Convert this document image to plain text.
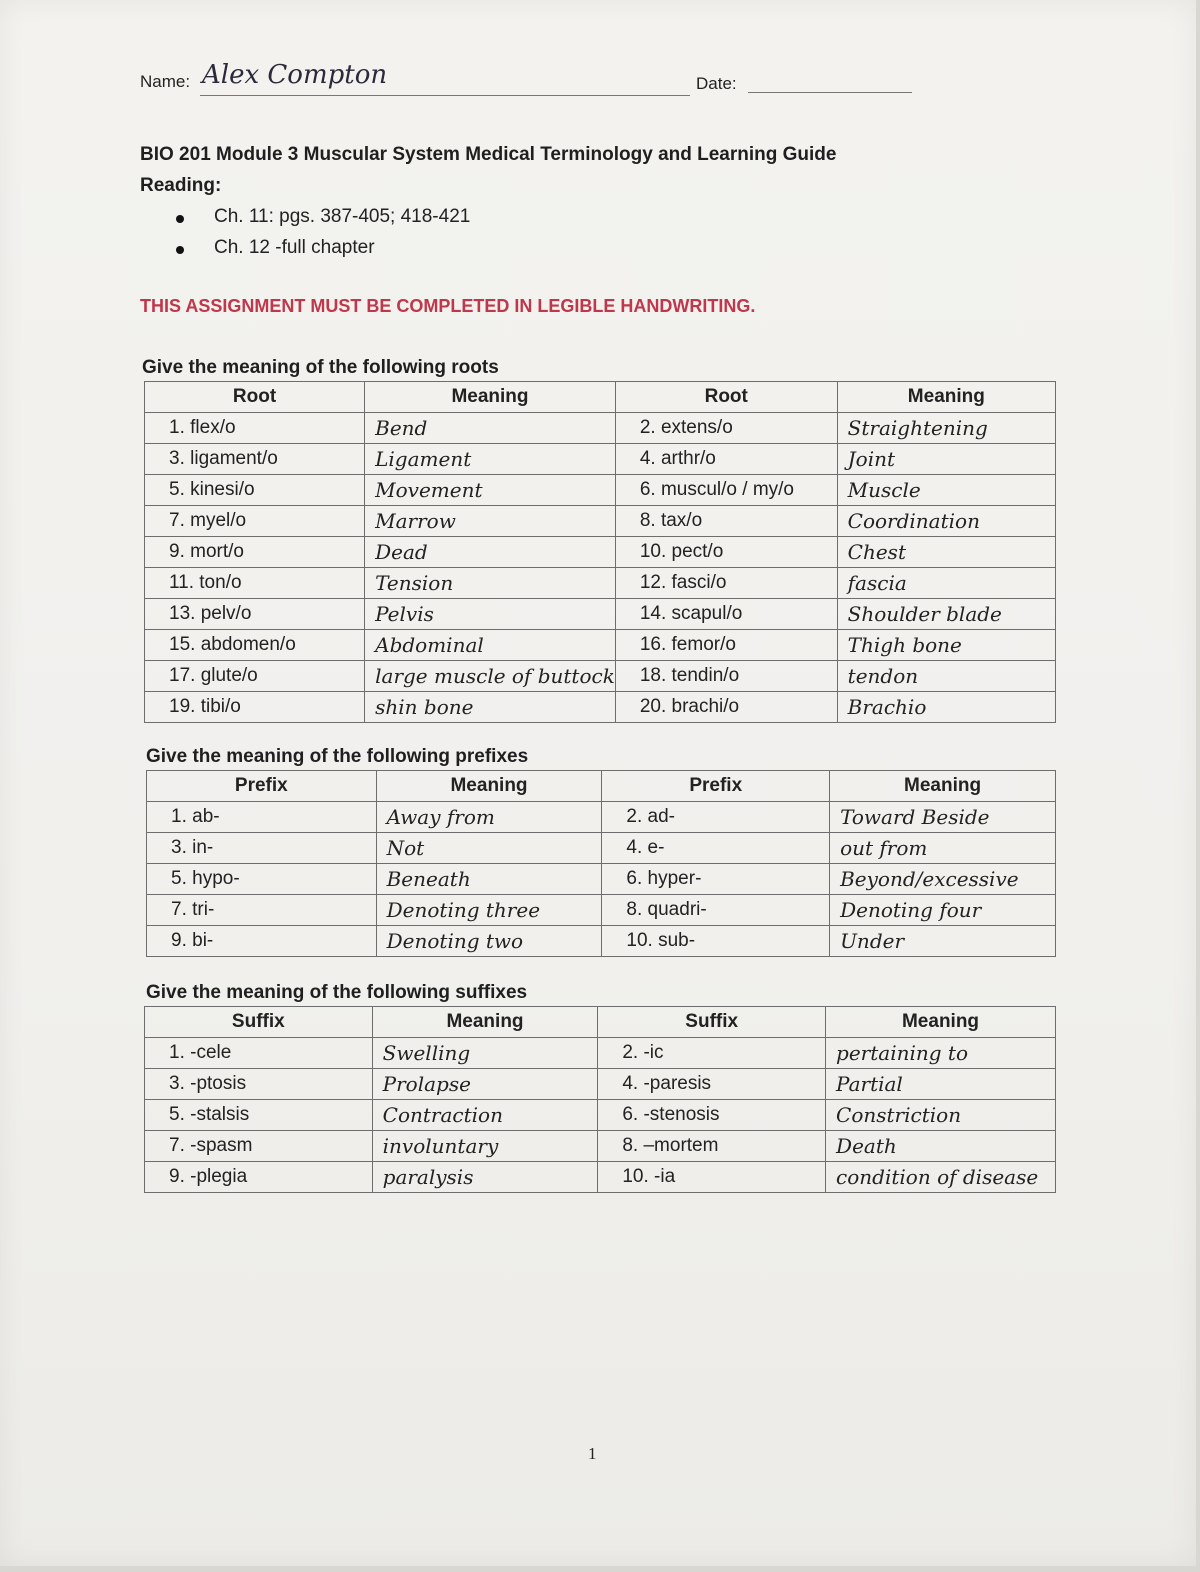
Name: Alex Compton	Date:
BIO 201 Module 3 Muscular System Medical Terminology and Learning Guide
Reading:
Ch. 11: pgs. 387-405; 418-421
Ch. 12 -full chapter
THIS ASSIGNMENT MUST BE COMPLETED IN LEGIBLE HANDWRITING.
Give the meaning of the following roots
Root	Meaning	Root	Meaning
1. flex/o	Bend	2. extens/o	Straightening
3. ligament/o	Ligament	4. arthr/o	Joint
5. kinesi/o	Movement	6. muscul/o / my/o	Muscle
7. myel/o	Marrow	8. tax/o	Coordination
9. mort/o	Dead	10. pect/o	Chest
11. ton/o	Tension	12. fasci/o	fascia
13. pelv/o	Pelvis	14. scapul/o	Shoulder blade
15. abdomen/o	Abdominal	16. femor/o	Thigh bone
17. glute/o	large muscle of buttock	18. tendin/o	tendon
19. tibi/o	shin bone	20. brachi/o	Brachio
Give the meaning of the following prefixes
Prefix	Meaning	Prefix	Meaning
1. ab-	Away from	2. ad-	Toward Beside
3. in-	Not	4. e-	out from
5. hypo-	Beneath	6. hyper-	Beyond/excessive
7. tri-	Denoting three	8. quadri-	Denoting four
9. bi-	Denoting two	10. sub-	Under
Give the meaning of the following suffixes
Suffix	Meaning	Suffix	Meaning
1. -cele	Swelling	2. -ic	pertaining to
3. -ptosis	Prolapse	4. -paresis	Partial
5. -stalsis	Contraction	6. -stenosis	Constriction
7. -spasm	involuntary	8. –mortem	Death
9. -plegia	paralysis	10. -ia	condition of disease
1
